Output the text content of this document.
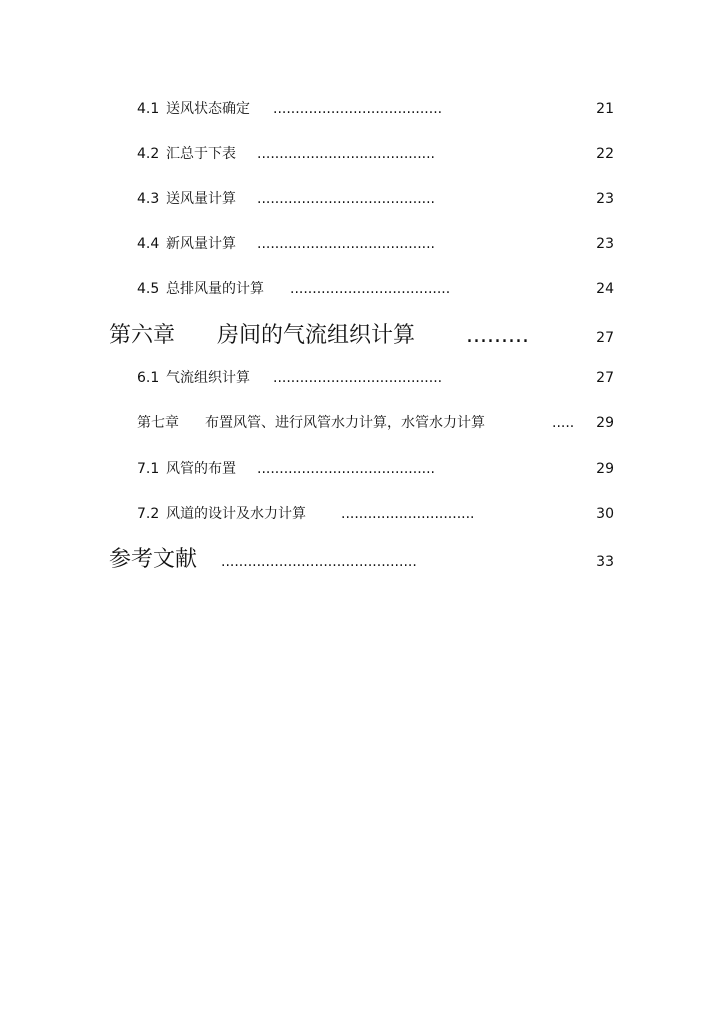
4.1 送风状态确定 ......................................	21
4.2 汇总于下表 ........................................	22
4.3 送风量计算 ........................................	23
4.4 新风量计算 ........................................	23
4.5 总排风量的计算 ....................................	24
第六章 房间的气流组织计算 .........	27
6.1 气流组织计算 ......................................	27
第七章 布置风管、进行风管水力计算，水管水力计算	..... 29
7.1 风管的布置 ........................................	29
7.2 风道的设计及水力计算	..............................	30
参考文献 ............................................	33
